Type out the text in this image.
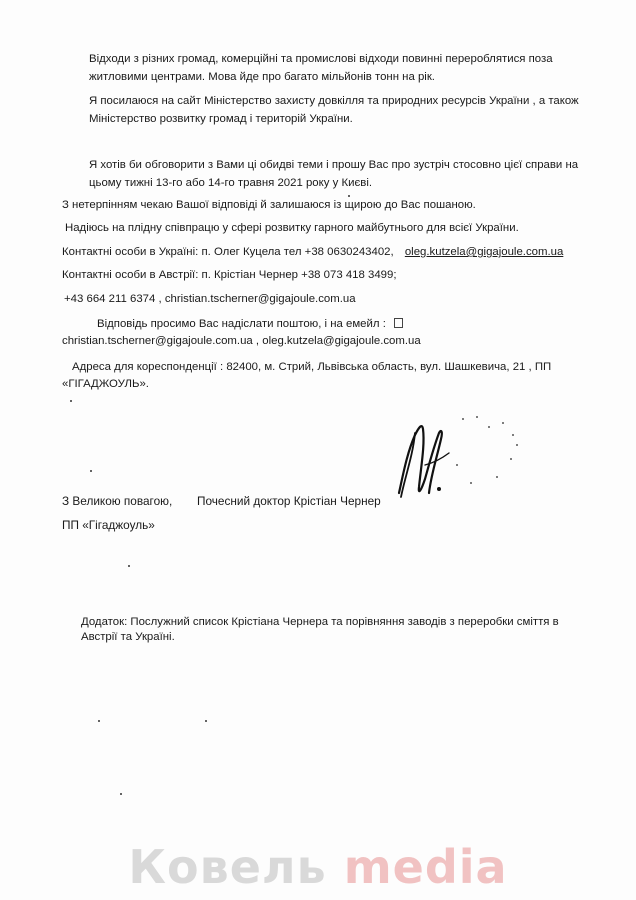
Відходи з різних громад, комерційні та промислові відходи повинні перероблятися поза
житловими центрами. Мова йде про багато мільйонів тонн на рік.
Я посилаюся на сайт Міністерство захисту довкілля та природних ресурсів України , а також
Міністерство розвитку громад і територій України.
Я хотів би обговорити з Вами ці обидві теми і прошу Вас про зустріч стосовно цієї справи на
цьому тижні 13-го або 14-го травня 2021 року у Києві.
З нетерпінням чекаю Вашої відповіді й залишаюся із щирою до Вас пошаною.
Надіюсь на плідну співпрацю у сфері розвитку гарного майбутнього для всієї України.
Контактні особи в Україні: п. Олег Куцела тел +38 0630243402, oleg.kutzela@gigajoule.com.ua
Контактні особи в Австрії: п. Крістіан Чернер +38 073 418 3499;
+43 664 211 6374 , christian.tscherner@gigajoule.com.ua
Відповідь просимо Вас надіслати поштою, і на емейл :
christian.tscherner@gigajoule.com.ua , oleg.kutzela@gigajoule.com.ua
Адреса для кореспонденції : 82400, м. Стрий, Львівська область, вул. Шашкевича, 21 , ПП
«ГІГАДЖОУЛЬ».
З Великою повагою, Почесний доктор Крістіан Чернер
ПП «Гігаджоуль»
Додаток: Послужний список Крістіана Чернера та порівняння заводів з переробки сміття в
Австрії та Україні.
Ковель media
